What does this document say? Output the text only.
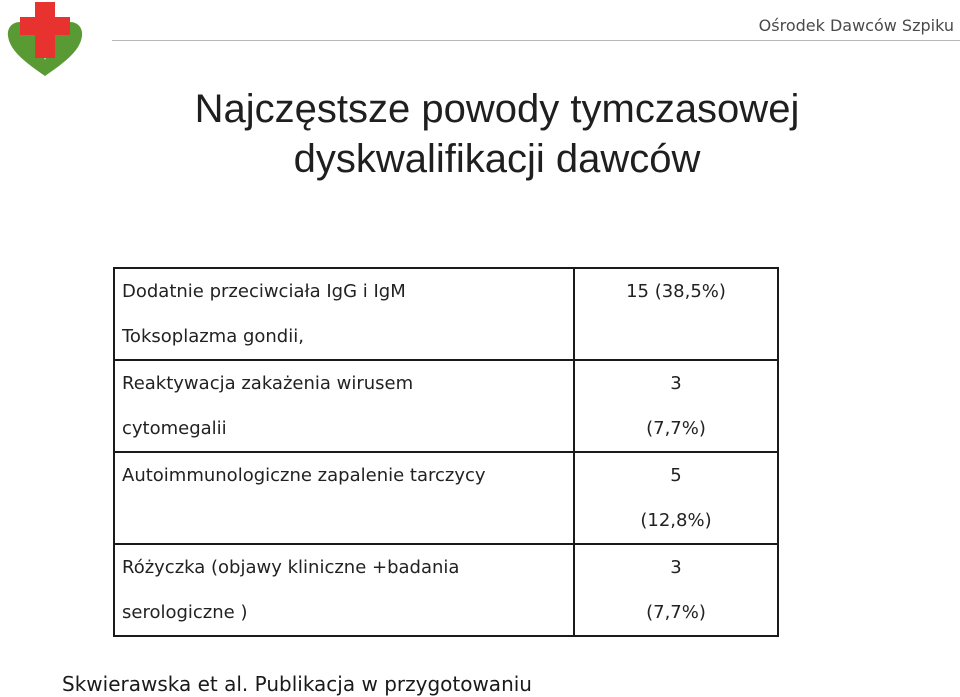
Ośrodek Dawców Szpiku
Najczęstsze powody tymczasowej
dyskwalifikacji dawców
Dodatnie przeciwciała IgG i IgM
Toksoplazma gondii,	15 (38,5%)

Reaktywacja zakażenia wirusem
cytomegalii	3
(7,7%)

Autoimmunologiczne zapalenie tarczycy	5
(12,8%)

Różyczka (objawy kliniczne +badania
serologiczne )	3
(7,7%)
Skwierawska et al. Publikacja w przygotowaniu
